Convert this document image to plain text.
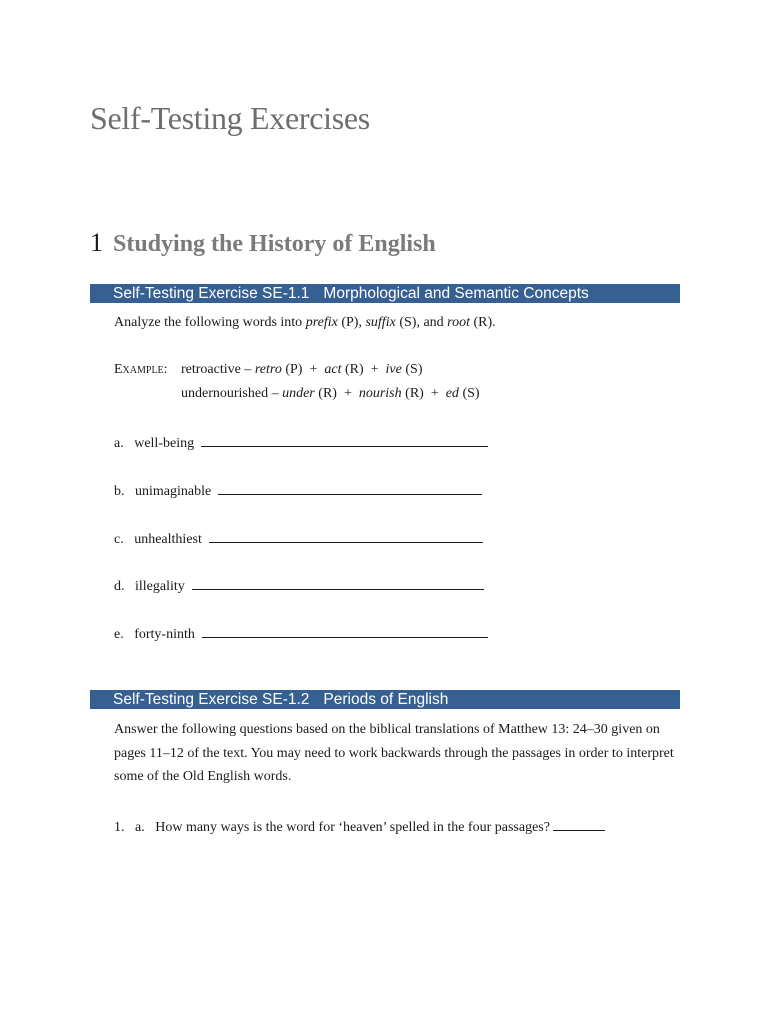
Self-Testing Exercises
1 Studying the History of English
Self-Testing Exercise SE-1.1 Morphological and Semantic Concepts
Analyze the following words into prefix (P), suffix (S), and root (R).
Example: retroactive – retro (P)  +  act (R)  +  ive (S)
undernourished – under (R)  +  nourish (R)  +  ed (S)
a. well-being
b. unimaginable
c. unhealthiest
d. illegality
e. forty-ninth
Self-Testing Exercise SE-1.2 Periods of English
Answer the following questions based on the biblical translations of Matthew 13: 24–30 given on pages 11–12 of the text. You may need to work backwards through the passages in order to interpret some of the Old English words.
1. a. How many ways is the word for ‘heaven’ spelled in the four passages?
